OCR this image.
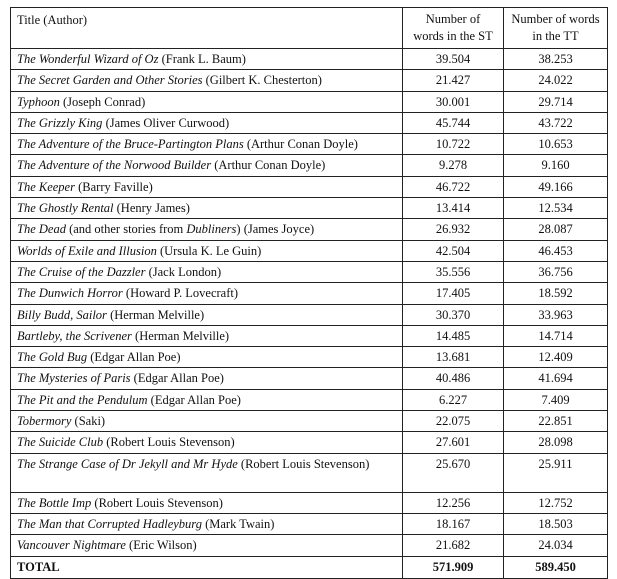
Title (Author)	Number of words in the ST	Number of words in the TT
The Wonderful Wizard of Oz (Frank L. Baum)	39.504	38.253
The Secret Garden and Other Stories (Gilbert K. Chesterton)	21.427	24.022
Typhoon (Joseph Conrad)	30.001	29.714
The Grizzly King (James Oliver Curwood)	45.744	43.722
The Adventure of the Bruce-Partington Plans (Arthur Conan Doyle)	10.722	10.653
The Adventure of the Norwood Builder (Arthur Conan Doyle)	9.278	9.160
The Keeper (Barry Faville)	46.722	49.166
The Ghostly Rental (Henry James)	13.414	12.534
The Dead (and other stories from Dubliners) (James Joyce)	26.932	28.087
Worlds of Exile and Illusion (Ursula K. Le Guin)	42.504	46.453
The Cruise of the Dazzler (Jack London)	35.556	36.756
The Dunwich Horror (Howard P. Lovecraft)	17.405	18.592
Billy Budd, Sailor (Herman Melville)	30.370	33.963
Bartleby, the Scrivener (Herman Melville)	14.485	14.714
The Gold Bug (Edgar Allan Poe)	13.681	12.409
The Mysteries of Paris (Edgar Allan Poe)	40.486	41.694
The Pit and the Pendulum (Edgar Allan Poe)	6.227	7.409
Tobermory (Saki)	22.075	22.851
The Suicide Club (Robert Louis Stevenson)	27.601	28.098
The Strange Case of Dr Jekyll and Mr Hyde (Robert Louis Stevenson)	25.670	25.911
The Bottle Imp (Robert Louis Stevenson)	12.256	12.752
The Man that Corrupted Hadleyburg (Mark Twain)	18.167	18.503
Vancouver Nightmare (Eric Wilson)	21.682	24.034
TOTAL	571.909	589.450
